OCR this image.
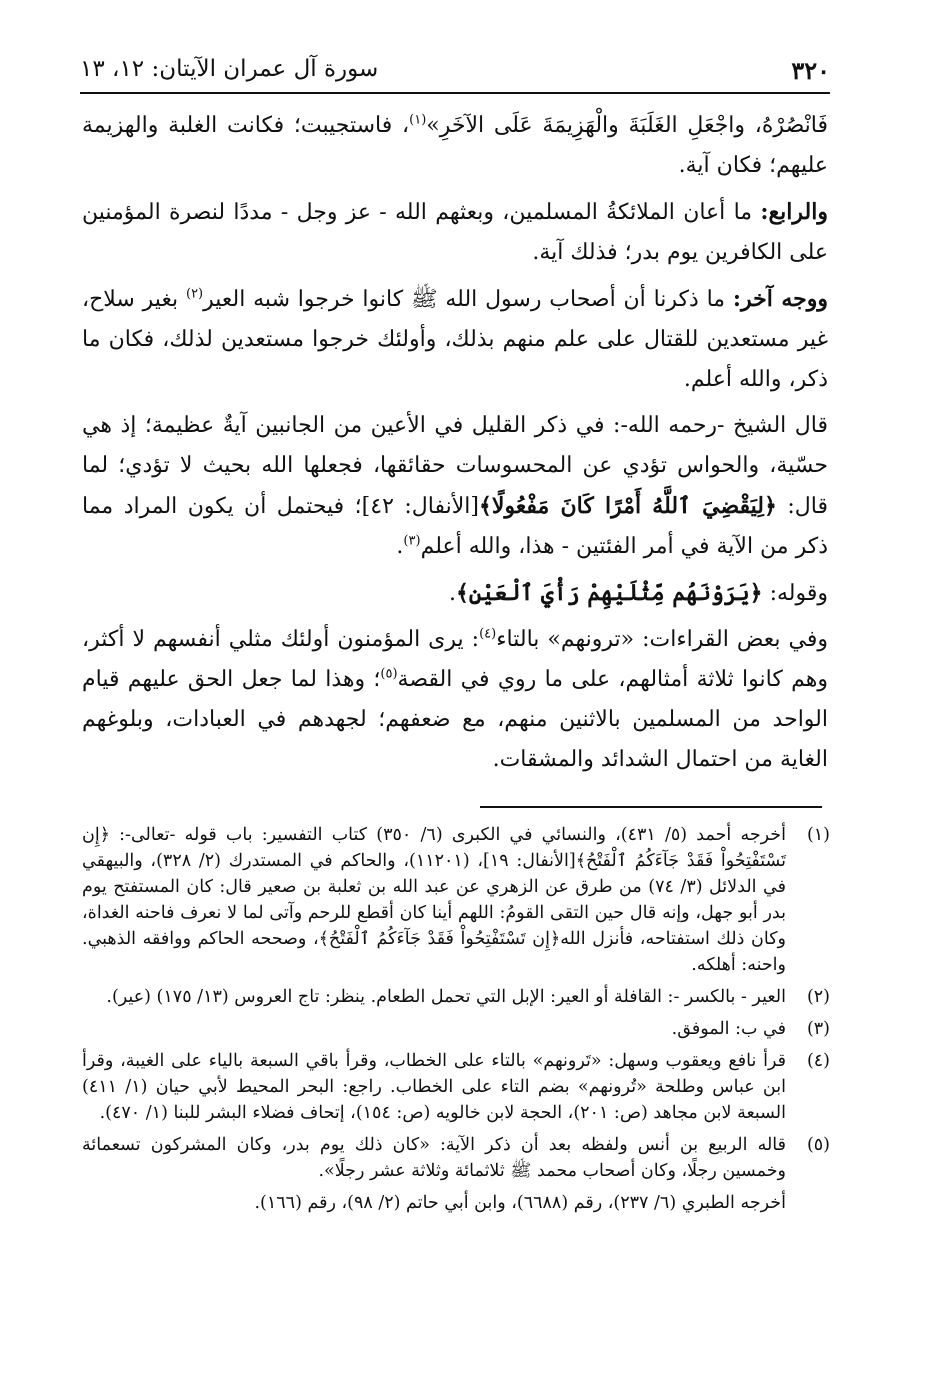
٣٢٠
سورة آل عمران الآيتان: ١٢، ١٣

فَانْصُرْهُ، واجْعَلِ الغَلَبَةَ والْهَزِيمَةَ عَلَى الآخَرِ»$^{(١)}$، فاستجيبت؛ فكانت الغلبة والهزيمة عليهم؛ فكان آية.

والرابع: ما أعان الملائكةُ المسلمين، وبعثهم الله - عز وجل - مددًا لنصرة المؤمنين على الكافرين يوم بدر؛ فذلك آية.

ووجه آخر: ما ذكرنا أن أصحاب رسول الله ﷺ كانوا خرجوا شبه العير$^{(٢)}$ بغير سلاح، غير مستعدين للقتال على علم منهم بذلك، وأولئك خرجوا مستعدين لذلك، فكان ما ذكر، والله أعلم.

قال الشيخ -رحمه الله-: في ذكر القليل في الأعين من الجانبين آيةٌ عظيمة؛ إذ هي حسّية، والحواس تؤدي عن المحسوسات حقائقها، فجعلها الله بحيث لا تؤدي؛ لما قال: ﴿لِيَقْضِيَ ٱللَّهُ أَمْرًا كَانَ مَفْعُولًا﴾[الأنفال: ٤٢]؛ فيحتمل أن يكون المراد مما ذكر من الآية في أمر الفئتين - هذا، والله أعلم$^{(٣)}$.

وقوله: ﴿يَرَوْنَهُم مِّثْلَيْهِمْ رَأْيَ ٱلْعَيْنِ﴾.

وفي بعض القراءات: «ترونهم» بالتاء$^{(٤)}$: يرى المؤمنون أولئك مثلي أنفسهم لا أكثر، وهم كانوا ثلاثة أمثالهم، على ما روي في القصة$^{(٥)}$؛ وهذا لما جعل الحق عليهم قيام الواحد من المسلمين بالاثنين منهم، مع ضعفهم؛ لجهدهم في العبادات، وبلوغهم الغاية من احتمال الشدائد والمشقات.

(١)
أخرجه أحمد (٥/ ٤٣١)، والنسائي في الكبرى (٦/ ٣٥٠) كتاب التفسير: باب قوله -تعالى-: ﴿إِن تَسْتَفْتِحُواْ فَقَدْ جَآءَكُمُ ٱلْفَتْحُ﴾[الأنفال: ١٩]، (١١٢٠١)، والحاكم في المستدرك (٢/ ٣٢٨)، والبيهقي في الدلائل (٣/ ٧٤) من طرق عن الزهري عن عبد الله بن ثعلبة بن صعير قال: كان المستفتح يوم بدر أبو جهل، وإنه قال حين التقى القومُ: اللهم أينا كان أقطع للرحم وآتى لما لا نعرف فاحنه الغداة، وكان ذلك استفتاحه، فأنزل الله﴿إِن تَسْتَفْتِحُواْ فَقَدْ جَآءَكُمُ ٱلْفَتْحُ﴾، وصححه الحاكم ووافقه الذهبي. واحنه: أهلكه.
(٢)
العير - بالكسر -: القافلة أو العير: الإبل التي تحمل الطعام. ينظر: تاج العروس (١٣/ ١٧٥) (عير).
(٣)
في ب: الموفق.
(٤)
قرأ نافع ويعقوب وسهل: «تَرونهم» بالتاء على الخطاب، وقرأ باقي السبعة بالياء على الغيبة، وقرأ ابن عباس وطلحة «تُرونهم» بضم التاء على الخطاب. راجع: البحر المحيط لأبي حيان (١/ ٤١١) السبعة لابن مجاهد (ص: ٢٠١)، الحجة لابن خالويه (ص: ١٥٤)، إتحاف فضلاء البشر للبنا (١/ ٤٧٠).
(٥)
قاله الربيع بن أنس ولفظه بعد أن ذكر الآية: «كان ذلك يوم بدر، وكان المشركون تسعمائة وخمسين رجلًا، وكان أصحاب محمد ﷺ ثلاثمائة وثلاثة عشر رجلًا».
أخرجه الطبري (٦/ ٢٣٧)، رقم (٦٦٨٨)، وابن أبي حاتم (٢/ ٩٨)، رقم (١٦٦).
